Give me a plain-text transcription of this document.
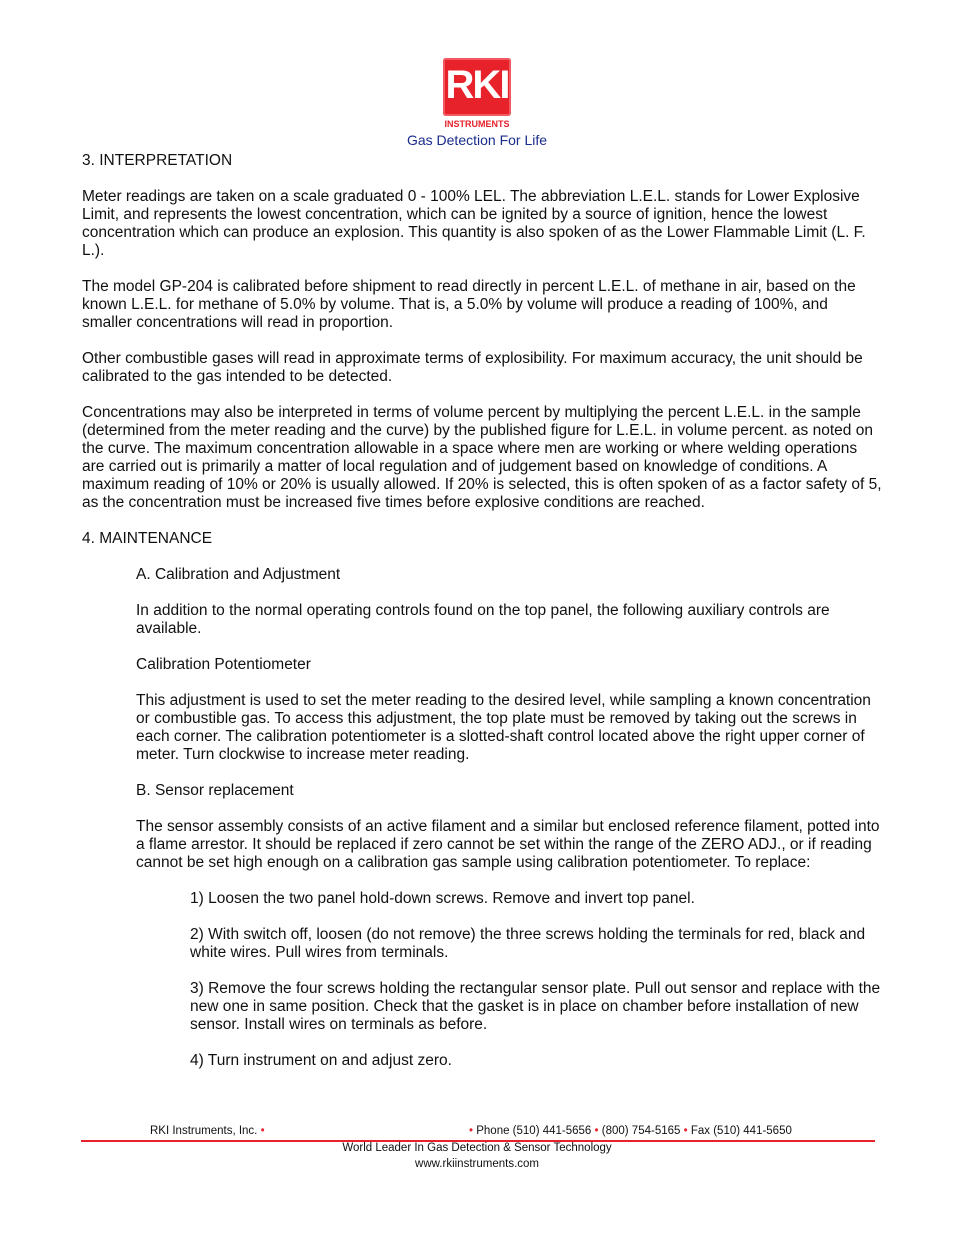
RKI
INSTRUMENTS
Gas Detection For Life

3. INTERPRETATION

Meter readings are taken on a scale graduated 0 - 100% LEL. The abbreviation L.E.L. stands for Lower Explosive Limit, and represents the lowest concentration, which can be ignited by a source of ignition, hence the lowest concentration which can produce an explosion. This quantity is also spoken of as the Lower Flammable Limit (L. F. L.).

The model GP-204 is calibrated before shipment to read directly in percent L.E.L. of methane in air, based on the known L.E.L. for methane of 5.0% by volume. That is, a 5.0% by volume will produce a reading of 100%, and smaller concentrations will read in proportion.

Other combustible gases will read in approximate terms of explosibility. For maximum accuracy, the unit should be calibrated to the gas intended to be detected.

Concentrations may also be interpreted in terms of volume percent by multiplying the percent L.E.L. in the sample (determined from the meter reading and the curve) by the published figure for L.E.L. in volume percent. as noted on the curve. The maximum concentration allowable in a space where men are working or where welding operations are carried out is primarily a matter of local regulation and of judgement based on knowledge of conditions. A maximum reading of 10% or 20% is usually allowed. If 20% is selected, this is often spoken of as a factor safety of 5, as the concentration must be increased five times before explosive conditions are reached.

4. MAINTENANCE

A. Calibration and Adjustment

In addition to the normal operating controls found on the top panel, the following auxiliary controls are available.

Calibration Potentiometer

This adjustment is used to set the meter reading to the desired level, while sampling a known concentration or combustible gas. To access this adjustment, the top plate must be removed by taking out the screws in each corner. The calibration potentiometer is a slotted-shaft control located above the right upper corner of meter. Turn clockwise to increase meter reading.

B. Sensor replacement

The sensor assembly consists of an active filament and a similar but enclosed reference filament, potted into a flame arrestor. It should be replaced if zero cannot be set within the range of the ZERO ADJ., or if reading cannot be set high enough on a calibration gas sample using calibration potentiometer. To replace:

1) Loosen the two panel hold-down screws. Remove and invert top panel.

2) With switch off, loosen (do not remove) the three screws holding the terminals for red, black and white wires. Pull wires from terminals.

3) Remove the four screws holding the rectangular sensor plate. Pull out sensor and replace with the new one in same position. Check that the gasket is in place on chamber before installation of new sensor. Install wires on terminals as before.

4) Turn instrument on and adjust zero.

RKI Instruments, Inc. •	• Phone (510) 441-5656 • (800) 754-5165 • Fax (510) 441-5650
World Leader In Gas Detection & Sensor Technology
www.rkiinstruments.com
